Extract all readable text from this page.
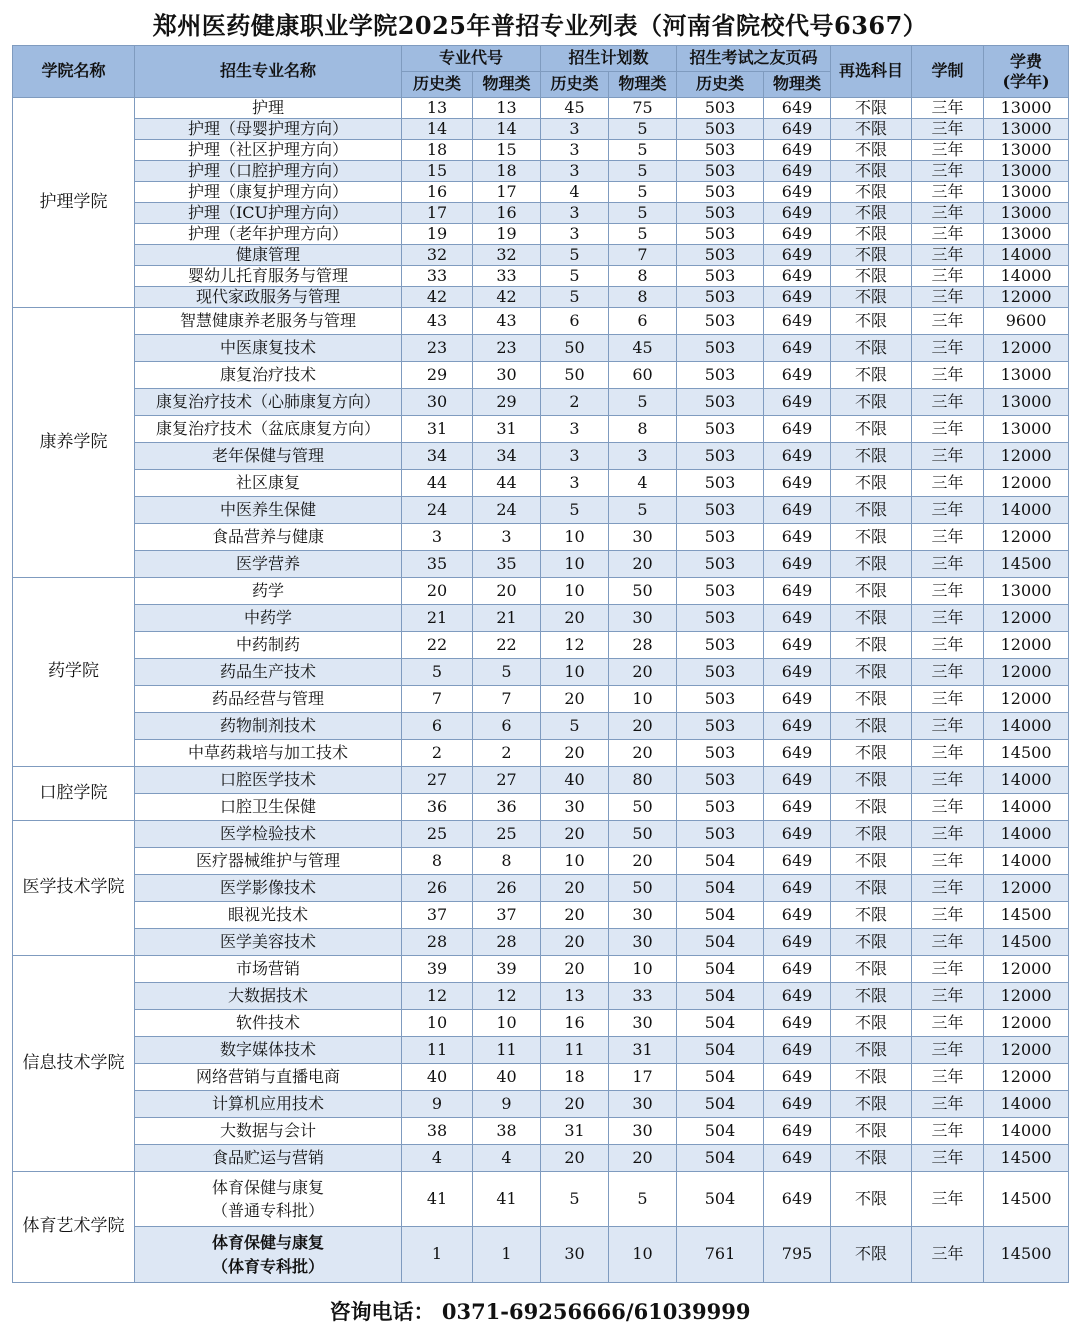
郑州医药健康职业学院2025年普招专业列表（河南省院校代号6367）
学院名称	招生专业名称	专业代号		招生计划数		招生考试之友页码		再选科目	学制	学费
(学年)
		历史类	物理类	历史类	物理类	历史类	物理类			
护理学院	护理	13	13	45	75	503	649	不限	三年	13000
	护理（母婴护理方向）	14	14	3	5	503	649	不限	三年	13000
	护理（社区护理方向）	18	15	3	5	503	649	不限	三年	13000
	护理（口腔护理方向）	15	18	3	5	503	649	不限	三年	13000
	护理（康复护理方向）	16	17	4	5	503	649	不限	三年	13000
	护理（ICU护理方向）	17	16	3	5	503	649	不限	三年	13000
	护理（老年护理方向）	19	19	3	5	503	649	不限	三年	13000
	健康管理	32	32	5	7	503	649	不限	三年	14000
	婴幼儿托育服务与管理	33	33	5	8	503	649	不限	三年	14000
	现代家政服务与管理	42	42	5	8	503	649	不限	三年	12000
康养学院	智慧健康养老服务与管理	43	43	6	6	503	649	不限	三年	9600
	中医康复技术	23	23	50	45	503	649	不限	三年	12000
	康复治疗技术	29	30	50	60	503	649	不限	三年	13000
	康复治疗技术（心肺康复方向）	30	29	2	5	503	649	不限	三年	13000
	康复治疗技术（盆底康复方向）	31	31	3	8	503	649	不限	三年	13000
	老年保健与管理	34	34	3	3	503	649	不限	三年	12000
	社区康复	44	44	3	4	503	649	不限	三年	12000
	中医养生保健	24	24	5	5	503	649	不限	三年	14000
	食品营养与健康	3	3	10	30	503	649	不限	三年	12000
	医学营养	35	35	10	20	503	649	不限	三年	14500
药学院	药学	20	20	10	50	503	649	不限	三年	13000
	中药学	21	21	20	30	503	649	不限	三年	12000
	中药制药	22	22	12	28	503	649	不限	三年	12000
	药品生产技术	5	5	10	20	503	649	不限	三年	12000
	药品经营与管理	7	7	20	10	503	649	不限	三年	12000
	药物制剂技术	6	6	5	20	503	649	不限	三年	14000
	中草药栽培与加工技术	2	2	20	20	503	649	不限	三年	14500
口腔学院	口腔医学技术	27	27	40	80	503	649	不限	三年	14000
	口腔卫生保健	36	36	30	50	503	649	不限	三年	14000
医学技术学院	医学检验技术	25	25	20	50	503	649	不限	三年	14000
	医疗器械维护与管理	8	8	10	20	504	649	不限	三年	14000
	医学影像技术	26	26	20	50	504	649	不限	三年	12000
	眼视光技术	37	37	20	30	504	649	不限	三年	14500
	医学美容技术	28	28	20	30	504	649	不限	三年	14500
信息技术学院	市场营销	39	39	20	10	504	649	不限	三年	12000
	大数据技术	12	12	13	33	504	649	不限	三年	12000
	软件技术	10	10	16	30	504	649	不限	三年	12000
	数字媒体技术	11	11	11	31	504	649	不限	三年	12000
	网络营销与直播电商	40	40	18	17	504	649	不限	三年	12000
	计算机应用技术	9	9	20	30	504	649	不限	三年	14000
	大数据与会计	38	38	31	30	504	649	不限	三年	14000
	食品贮运与营销	4	4	20	20	504	649	不限	三年	14500
体育艺术学院	体育保健与康复
（普通专科批）	41	41	5	5	504	649	不限	三年	14500
	体育保健与康复
（体育专科批）	1	1	30	10	761	795	不限	三年	14500
咨询电话： 0371-69256666/61039999
